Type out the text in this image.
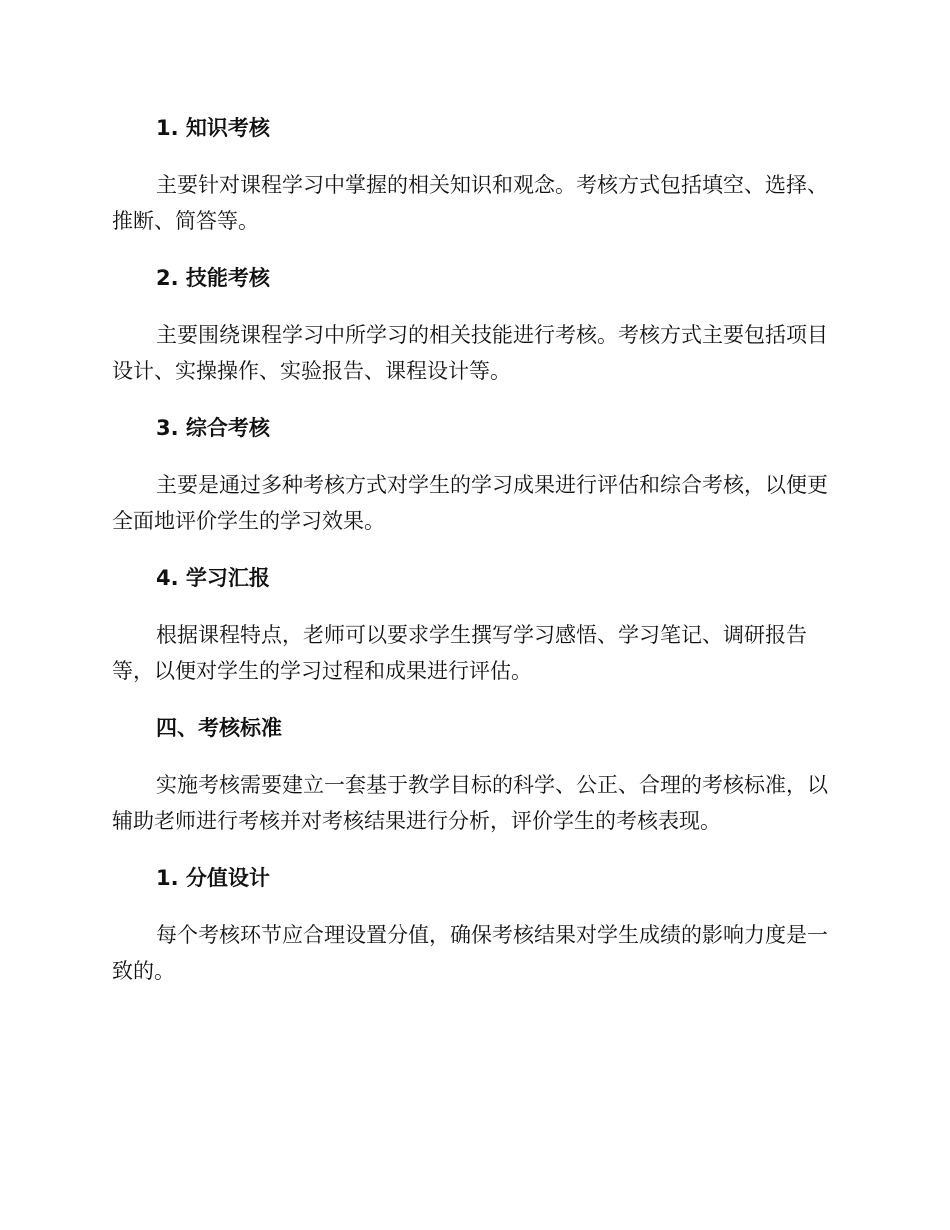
1. 知识考核
主要针对课程学习中掌握的相关知识和观念。考核方式包括填空、选择、推断、简答等。
2. 技能考核
主要围绕课程学习中所学习的相关技能进行考核。考核方式主要包括项目设计、实操操作、实验报告、课程设计等。
3. 综合考核
主要是通过多种考核方式对学生的学习成果进行评估和综合考核，以便更全面地评价学生的学习效果。
4. 学习汇报
根据课程特点，老师可以要求学生撰写学习感悟、学习笔记、调研报告等，以便对学生的学习过程和成果进行评估。
四、考核标准
实施考核需要建立一套基于教学目标的科学、公正、合理的考核标准，以辅助老师进行考核并对考核结果进行分析，评价学生的考核表现。
1. 分值设计
每个考核环节应合理设置分值，确保考核结果对学生成绩的影响力度是一致的。
